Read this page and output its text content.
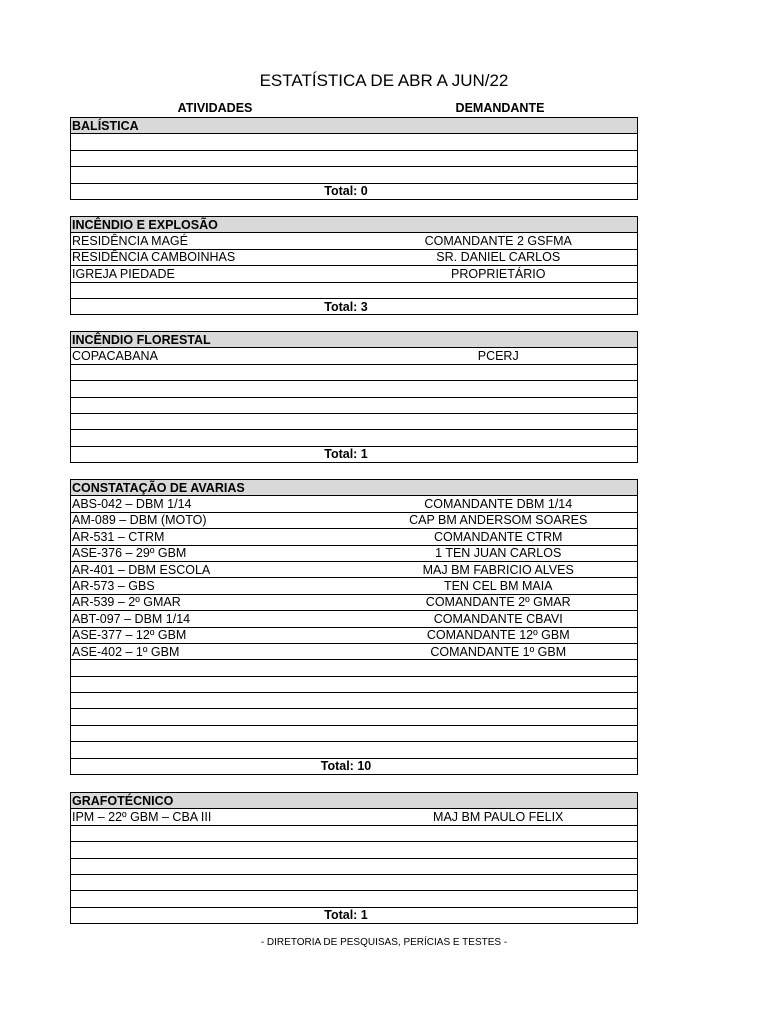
ESTATÍSTICA DE ABR A JUN/22
ATIVIDADES	DEMANDANTE
BALÍSTICA
Total: 0
INCÊNDIO E EXPLOSÃO
RESIDÊNCIA MAGÉ	COMANDANTE 2 GSFMA
RESIDÊNCIA CAMBOINHAS	SR. DANIEL CARLOS
IGREJA PIEDADE	PROPRIETÁRIO
Total: 3
INCÊNDIO FLORESTAL
COPACABANA	PCERJ
Total: 1
CONSTATAÇÃO DE AVARIAS
ABS-042 – DBM 1/14	COMANDANTE DBM 1/14
AM-089 – DBM (MOTO)	CAP BM ANDERSOM SOARES
AR-531 – CTRM	COMANDANTE CTRM
ASE-376 – 29º GBM	1 TEN JUAN CARLOS
AR-401 – DBM ESCOLA	MAJ BM FABRICIO ALVES
AR-573 – GBS	TEN CEL BM MAIA
AR-539 – 2º GMAR	COMANDANTE 2º GMAR
ABT-097 – DBM 1/14	COMANDANTE CBAVI
ASE-377 – 12º GBM	COMANDANTE 12º GBM
ASE-402 – 1º GBM	COMANDANTE 1º GBM
Total: 10
GRAFOTÉCNICO
IPM – 22º GBM – CBA III	MAJ BM PAULO FELIX
Total: 1
- DIRETORIA DE PESQUISAS, PERÍCIAS E TESTES -
